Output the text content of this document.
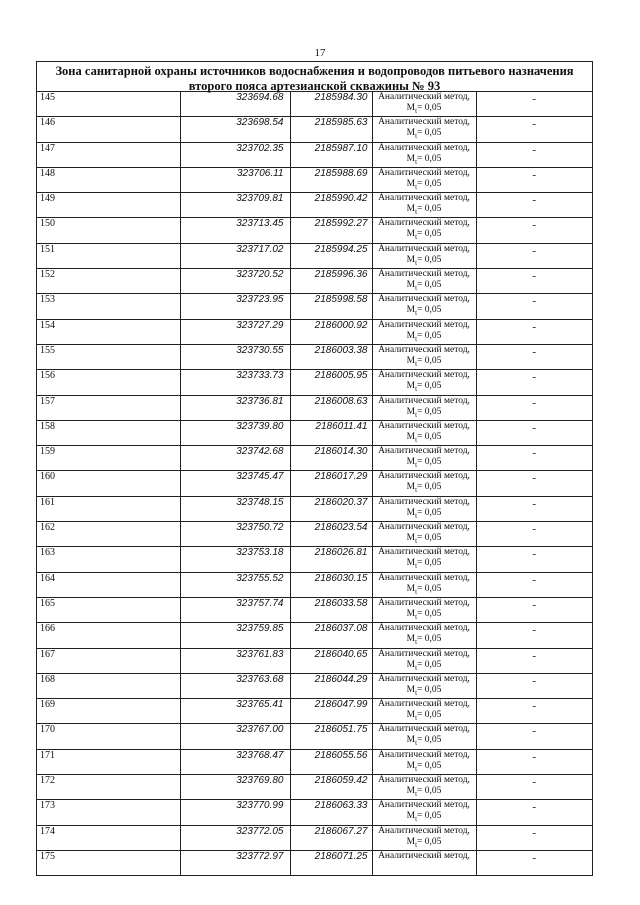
17
Зона санитарной охраны источников водоснабжения и водопроводов питьевого назначения второго пояса артезианской скважины № 93
145	323694.68	2185984.30	Аналитический метод,
$M_t= 0,05$	-
146	323698.54	2185985.63	Аналитический метод,
$M_t= 0,05$	-
147	323702.35	2185987.10	Аналитический метод,
$M_t= 0,05$	-
148	323706.11	2185988.69	Аналитический метод,
$M_t= 0,05$	-
149	323709.81	2185990.42	Аналитический метод,
$M_t= 0,05$	-
150	323713.45	2185992.27	Аналитический метод,
$M_t= 0,05$	-
151	323717.02	2185994.25	Аналитический метод,
$M_t= 0,05$	-
152	323720.52	2185996.36	Аналитический метод,
$M_t= 0,05$	-
153	323723.95	2185998.58	Аналитический метод,
$M_t= 0,05$	-
154	323727.29	2186000.92	Аналитический метод,
$M_t= 0,05$	-
155	323730.55	2186003.38	Аналитический метод,
$M_t= 0,05$	-
156	323733.73	2186005.95	Аналитический метод,
$M_t= 0,05$	-
157	323736.81	2186008.63	Аналитический метод,
$M_t= 0,05$	-
158	323739.80	2186011.41	Аналитический метод,
$M_t= 0,05$	-
159	323742.68	2186014.30	Аналитический метод,
$M_t= 0,05$	-
160	323745.47	2186017.29	Аналитический метод,
$M_t= 0,05$	-
161	323748.15	2186020.37	Аналитический метод,
$M_t= 0,05$	-
162	323750.72	2186023.54	Аналитический метод,
$M_t= 0,05$	-
163	323753.18	2186026.81	Аналитический метод,
$M_t= 0,05$	-
164	323755.52	2186030.15	Аналитический метод,
$M_t= 0,05$	-
165	323757.74	2186033.58	Аналитический метод,
$M_t= 0,05$	-
166	323759.85	2186037.08	Аналитический метод,
$M_t= 0,05$	-
167	323761.83	2186040.65	Аналитический метод,
$M_t= 0,05$	-
168	323763.68	2186044.29	Аналитический метод,
$M_t= 0,05$	-
169	323765.41	2186047.99	Аналитический метод,
$M_t= 0,05$	-
170	323767.00	2186051.75	Аналитический метод,
$M_t= 0,05$	-
171	323768.47	2186055.56	Аналитический метод,
$M_t= 0,05$	-
172	323769.80	2186059.42	Аналитический метод,
$M_t= 0,05$	-
173	323770.99	2186063.33	Аналитический метод,
$M_t= 0,05$	-
174	323772.05	2186067.27	Аналитический метод,
$M_t= 0,05$	-
175	323772.97	2186071.25	Аналитический метод,	-
